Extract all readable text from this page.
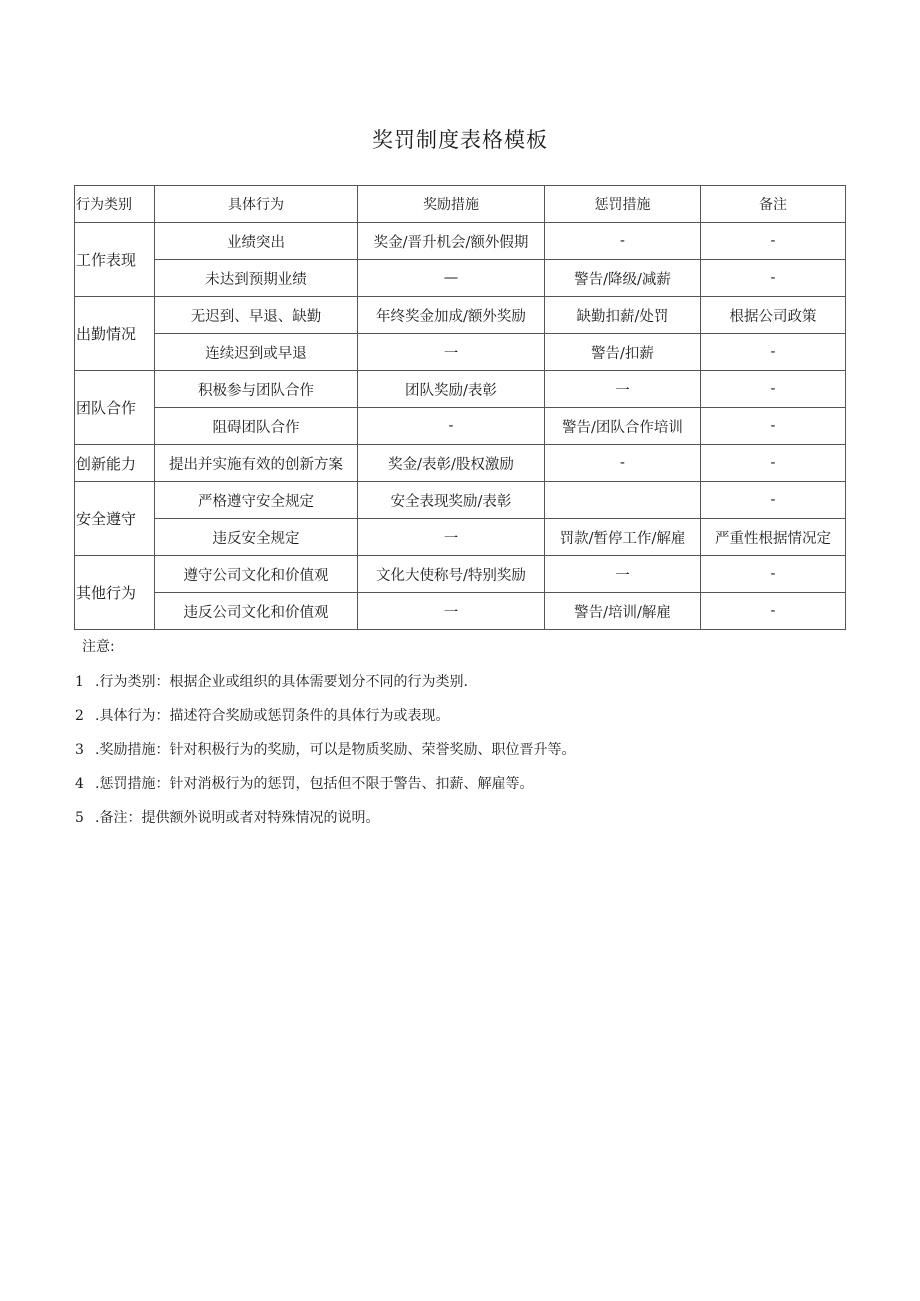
奖罚制度表格模板
行为类别	具体行为	奖励措施	惩罚措施	备注
工作表现	业绩突出	奖金/晋升机会/额外假期	-	-
	未达到预期业绩	—	警告/降级/减薪	-
出勤情况	无迟到、早退、缺勤	年终奖金加成/额外奖励	缺勤扣薪/处罚	根据公司政策
	连续迟到或早退	一	警告/扣薪	-
团队合作	积极参与团队合作	团队奖励/表彰	一	-
	阻碍团队合作	-	警告/团队合作培训	-
创新能力	提出并实施有效的创新方案	奖金/表彰/股权激励	-	-
安全遵守	严格遵守安全规定	安全表现奖励/表彰		-
	违反安全规定	一	罚款/暂停工作/解雇	严重性根据情况定
其他行为	遵守公司文化和价值观	文化大使称号/特别奖励	一	-
	违反公司文化和价值观	一	警告/培训/解雇	-
注意:
1 .行为类别：根据企业或组织的具体需要划分不同的行为类别.
2 .具体行为：描述符合奖励或惩罚条件的具体行为或表现。
3 .奖励措施：针对积极行为的奖励，可以是物质奖励、荣誉奖励、职位晋升等。
4 .惩罚措施：针对消极行为的惩罚，包括但不限于警告、扣薪、解雇等。
5 .备注：提供额外说明或者对特殊情况的说明。
